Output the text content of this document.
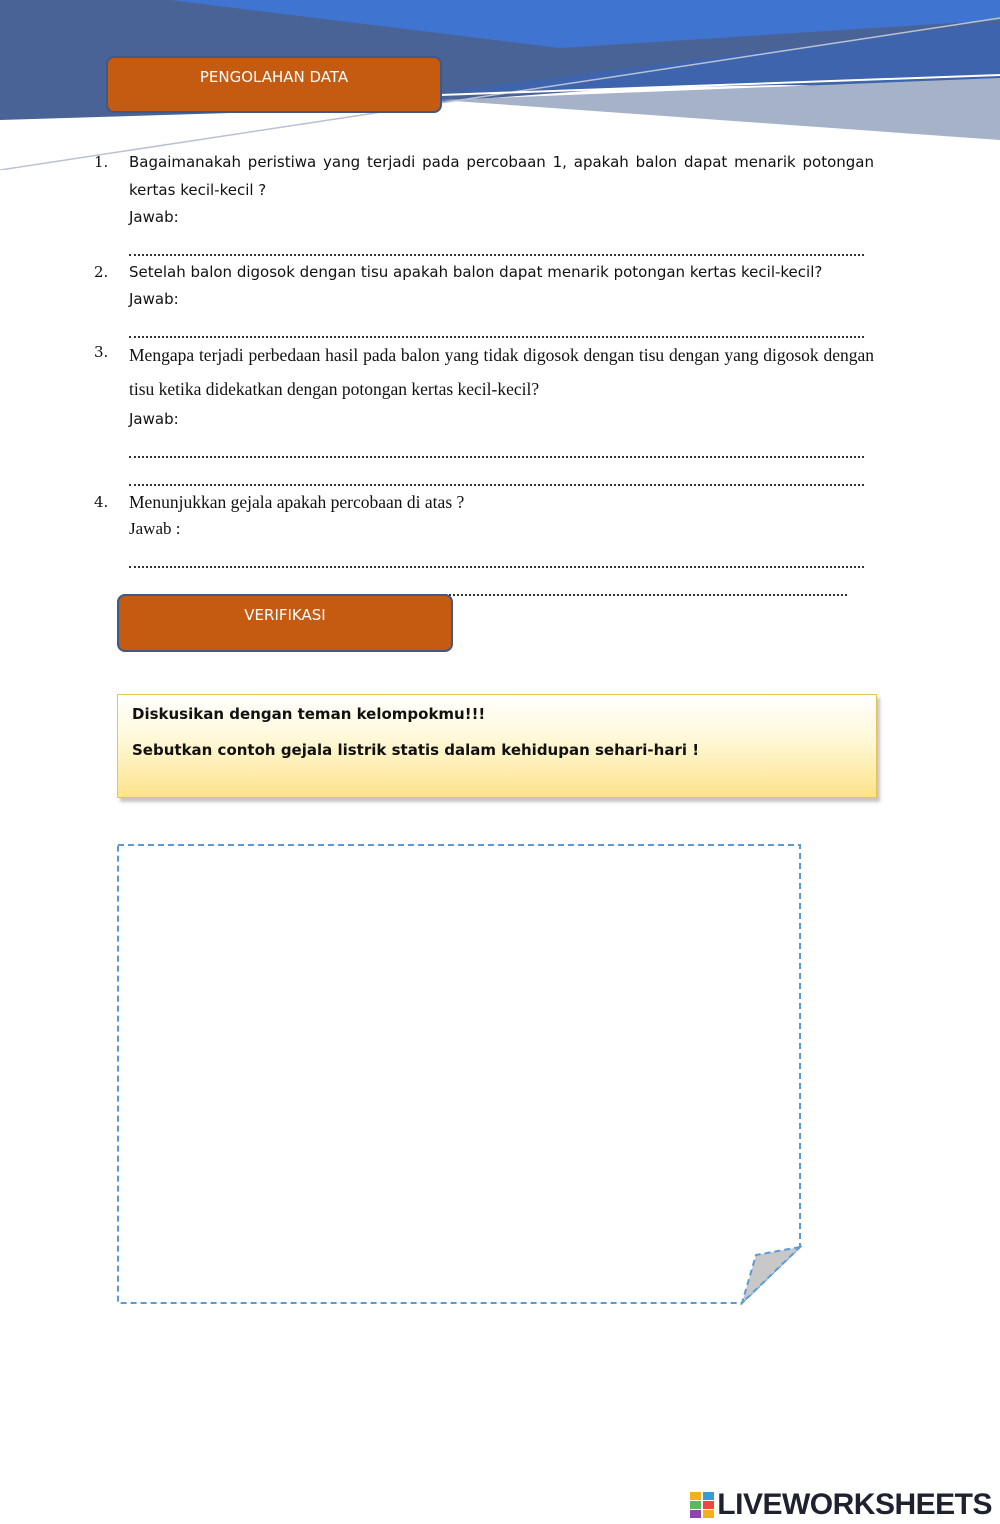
PENGOLAHAN DATA
1. Bagaimanakah peristiwa yang terjadi pada percobaan 1, apakah balon dapat menarik potongan kertas kecil-kecil ?
Jawab:
2. Setelah balon digosok dengan tisu apakah balon dapat menarik potongan kertas kecil-kecil?
Jawab:
3. Mengapa terjadi perbedaan hasil pada balon yang tidak digosok dengan tisu dengan yang digosok dengan tisu ketika didekatkan dengan potongan kertas kecil-kecil?
Jawab:
4. Menunjukkan gejala apakah percobaan di atas ?
Jawab :
VERIFIKASI

Diskusikan dengan teman kelompokmu!!!

Sebutkan contoh gejala listrik statis dalam kehidupan sehari-hari !

LIVEWORKSHEETS
